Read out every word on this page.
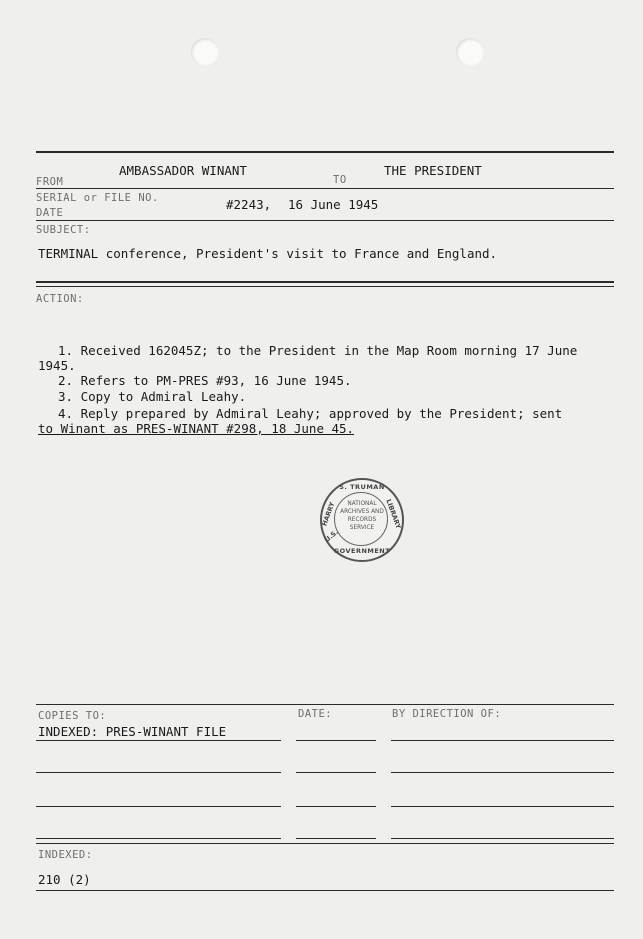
FROM
AMBASSADOR WINANT
TO
THE PRESIDENT
SERIAL or FILE NO.
DATE
#2243, 16 June 1945
SUBJECT:
TERMINAL conference, President's visit to France and England.
ACTION:
1. Received 162045Z; to the President in the Map Room morning 17 June
1945.
2. Refers to PM-PRES #93, 16 June 1945.
3. Copy to Admiral Leahy.
4. Reply prepared by Admiral Leahy; approved by the President; sent
to Winant as PRES-WINANT #298, 18 June 45.
S. TRUMAN
HARRY	LIBRARY
U.S.
GOVERNMENT
NATIONAL
ARCHIVES AND
RECORDS
SERVICE
COPIES TO:	DATE:	BY DIRECTION OF:
INDEXED: PRES-WINANT FILE
INDEXED:
210 (2)
